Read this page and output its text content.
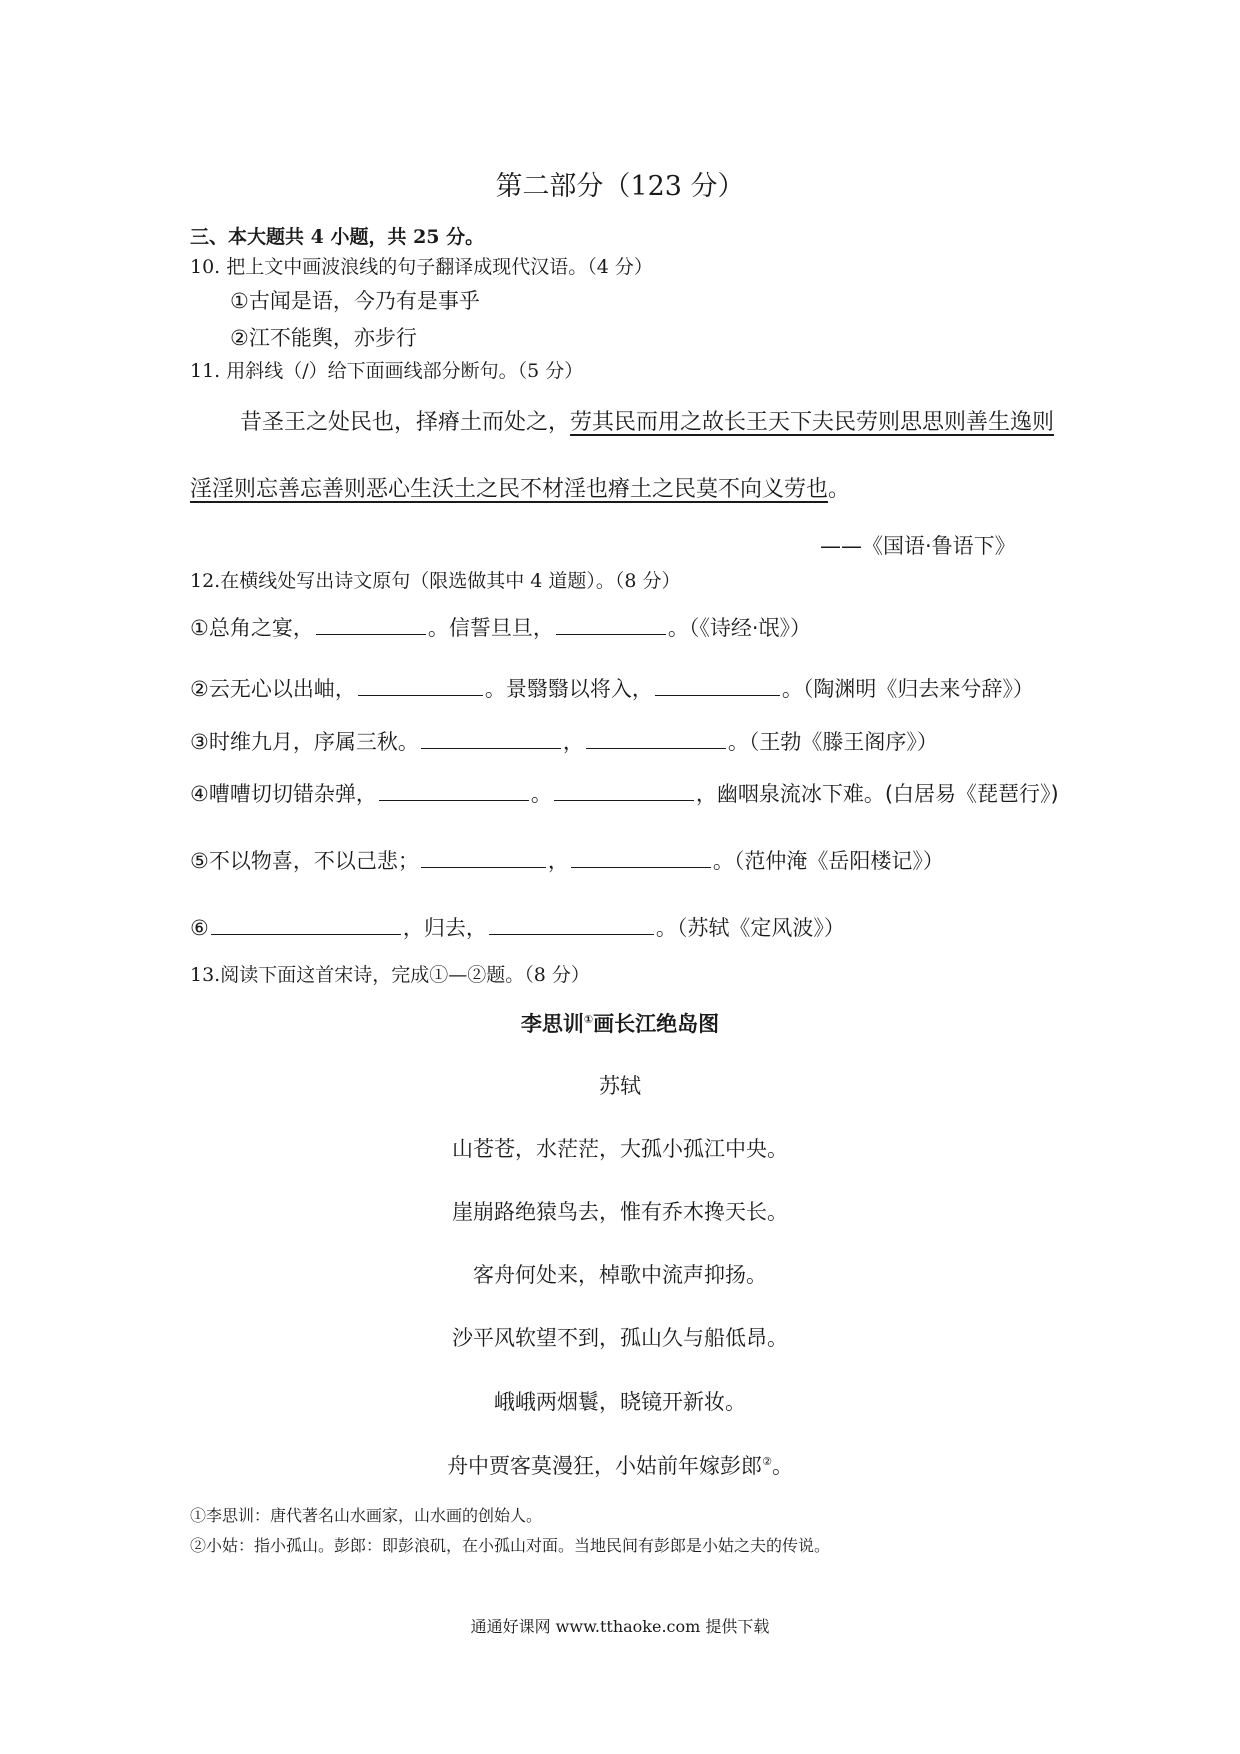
第二部分（123 分）
三、本大题共 4 小题，共 25 分。
10. 把上文中画波浪线的句子翻译成现代汉语。（4 分）
①古闻是语，今乃有是事乎
②江不能舆，亦步行
11. 用斜线（/）给下面画线部分断句。（5 分）
昔圣王之处民也，择瘠土而处之，劳其民而用之故长王天下夫民劳则思思则善生逸则
淫淫则忘善忘善则恶心生沃土之民不材淫也瘠土之民莫不向义劳也。
——《国语·鲁语下》
12.在横线处写出诗文原句（限选做其中 4 道题）。（8 分）
①总角之宴，	。信誓旦旦，	。（《诗经·氓》）
②云无心以出岫，	。景翳翳以将入，	。（陶渊明《归去来兮辞》）
③时维九月，序属三秋。	，	。（王勃《滕王阁序》）
④嘈嘈切切错杂弹，	。	，幽咽泉流冰下难。(白居易《琵琶行》)
⑤不以物喜，不以己悲；	，	。（范仲淹《岳阳楼记》）
⑥	，归去，	。（苏轼《定风波》）
13.阅读下面这首宋诗，完成①—②题。（8 分）
李思训①画长江绝岛图
苏轼
山苍苍，水茫茫，大孤小孤江中央。
崖崩路绝猿鸟去，惟有乔木搀天长。
客舟何处来，棹歌中流声抑扬。
沙平风软望不到，孤山久与船低昂。
峨峨两烟鬟，晓镜开新妆。
舟中贾客莫漫狂，小姑前年嫁彭郎②。
①李思训：唐代著名山水画家，山水画的创始人。
②小姑：指小孤山。彭郎：即彭浪矶，在小孤山对面。当地民间有彭郎是小姑之夫的传说。
通通好课网 www.tthaoke.com 提供下载
